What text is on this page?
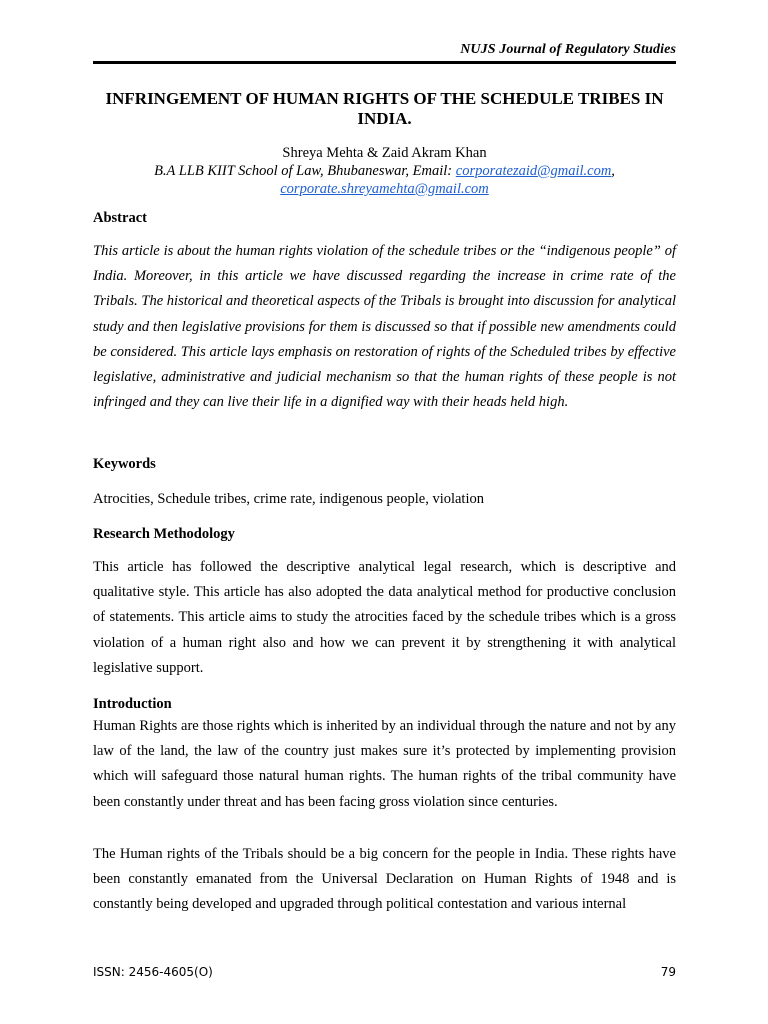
NUJS Journal of Regulatory Studies
INFRINGEMENT OF HUMAN RIGHTS OF THE SCHEDULE TRIBES IN INDIA.
Shreya Mehta & Zaid Akram Khan
B.A LLB KIIT School of Law, Bhubaneswar, Email: corporatezaid@gmail.com,
corporate.shreyamehta@gmail.com
Abstract
This article is about the human rights violation of the schedule tribes or the “indigenous people” of India. Moreover, in this article we have discussed regarding the increase in crime rate of the Tribals. The historical and theoretical aspects of the Tribals is brought into discussion for analytical study and then legislative provisions for them is discussed so that if possible new amendments could be considered. This article lays emphasis on restoration of rights of the Scheduled tribes by effective legislative, administrative and judicial mechanism so that the human rights of these people is not infringed and they can live their life in a dignified way with their heads held high.
Keywords
Atrocities, Schedule tribes, crime rate, indigenous people, violation
Research Methodology
This article has followed the descriptive analytical legal research, which is descriptive and qualitative style. This article has also adopted the data analytical method for productive conclusion of statements. This article aims to study the atrocities faced by the schedule tribes which is a gross violation of a human right also and how we can prevent it by strengthening it with analytical legislative support.
Introduction
Human Rights are those rights which is inherited by an individual through the nature and not by any law of the land, the law of the country just makes sure it’s protected by implementing provision which will safeguard those natural human rights. The human rights of the tribal community have been constantly under threat and has been facing gross violation since centuries.
The Human rights of the Tribals should be a big concern for the people in India. These rights have been constantly emanated from the Universal Declaration on Human Rights of 1948 and is constantly being developed and upgraded through political contestation and various internal
ISSN: 2456-4605(O)	79
